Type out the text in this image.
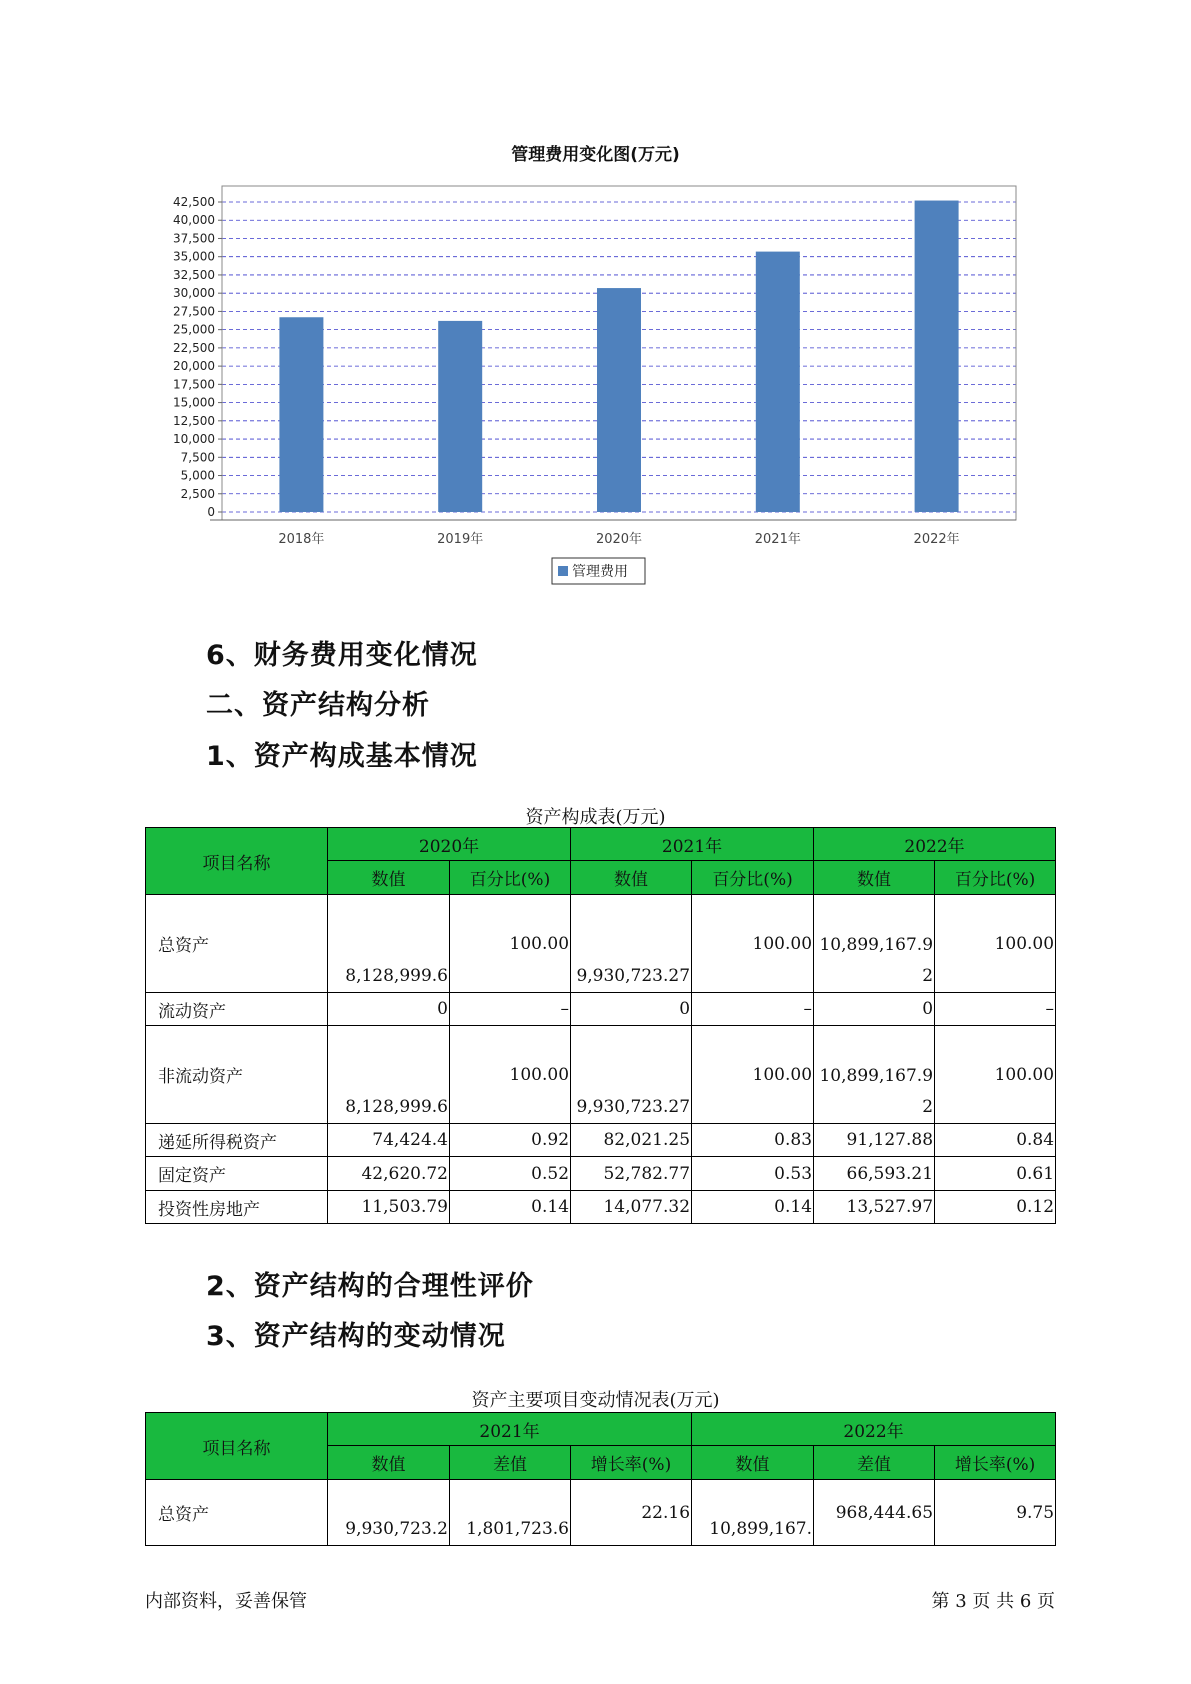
管理费用变化图(万元)
0
2,500
5,000
7,500
10,000
12,500
15,000
17,500
20,000
22,500
25,000
27,500
30,000
32,500
35,000
37,500
40,000
42,500
2018年	2019年	2020年	2021年	2022年
管理费用
6、财务费用变化情况
二、资产结构分析
1、资产构成基本情况
资产构成表(万元)
项目名称	2020年		2021年		2022年	
	数值	百分比(%)	数值	百分比(%)	数值	百分比(%)
总资产	8,128,999.6	100.00	9,930,723.27	100.00	10,899,167.92	100.00
流动资产	0	–	0	–	0	–
非流动资产	8,128,999.6	100.00	9,930,723.27	100.00	10,899,167.92	100.00
递延所得税资产	74,424.4	0.92	82,021.25	0.83	91,127.88	0.84
固定资产	42,620.72	0.52	52,782.77	0.53	66,593.21	0.61
投资性房地产	11,503.79	0.14	14,077.32	0.14	13,527.97	0.12
2、资产结构的合理性评价
3、资产结构的变动情况
资产主要项目变动情况表(万元)
项目名称	2021年			2022年		
	数值	差值	增长率(%)	数值	差值	增长率(%)
总资产	9,930,723.2	1,801,723.6	22.16	10,899,167.	968,444.65	9.75
内部资料，妥善保管	第 3 页 共 6 页
